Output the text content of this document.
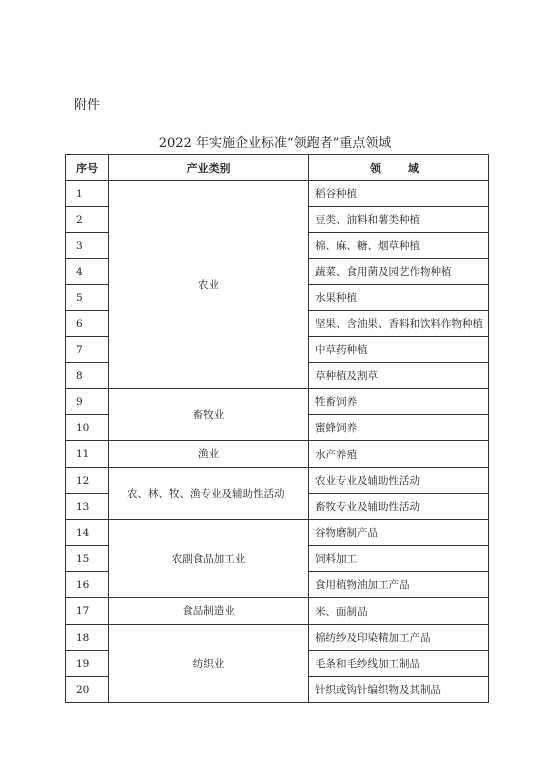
附件
2022 年实施企业标准“领跑者”重点领域
序号	产业类别	领　域
1	农业	稻谷种植
2		豆类、油料和薯类种植
3		棉、麻、糖、烟草种植
4		蔬菜、食用菌及园艺作物种植
5		水果种植
6		坚果、含油果、香料和饮料作物种植
7		中草药种植
8		草种植及割草
9	畜牧业	牲畜饲养
10		蜜蜂饲养
11	渔业	水产养殖
12	农、林、牧、渔专业及辅助性活动	农业专业及辅助性活动
13		畜牧专业及辅助性活动
14	农副食品加工业	谷物磨制产品
15		饲料加工
16		食用植物油加工产品
17	食品制造业	米、面制品
18	纺织业	棉纺纱及印染精加工产品
19		毛条和毛纱线加工制品
20		针织或钩针编织物及其制品
